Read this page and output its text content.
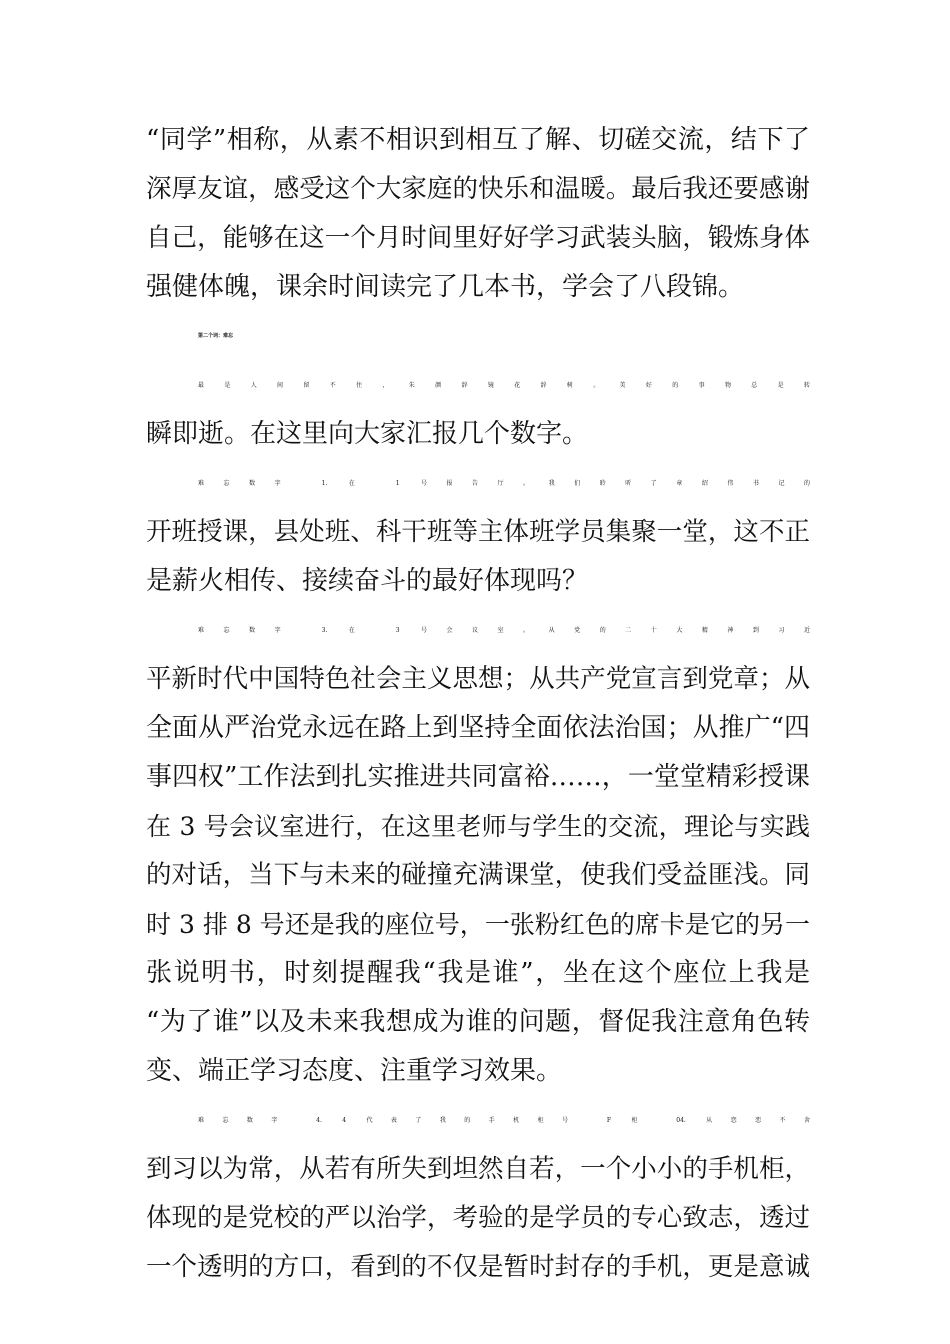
“同学”相称，从素不相识到相互了解、切磋交流，结下了
深厚友谊，感受这个大家庭的快乐和温暖。最后我还要感谢
自己，能够在这一个月时间里好好学习武装头脑，锻炼身体
强健体魄，课余时间读完了几本书，学会了八段锦。
第二个词：难忘
最是人间留不住，朱颜辞镜花辞树。美好的事物总是转
瞬即逝。在这里向大家汇报几个数字。
难忘数字 1. 在 1 号报告厅。我们聆听了章绍伟书记的
开班授课，县处班、科干班等主体班学员集聚一堂，这不正
是薪火相传、接续奋斗的最好体现吗？
难忘数字 3. 在 3 号会议室。从党的二十大精神到习近
平新时代中国特色社会主义思想；从共产党宣言到党章；从
全面从严治党永远在路上到坚持全面依法治国；从推广“四
事四权”工作法到扎实推进共同富裕……，一堂堂精彩授课
在 3 号会议室进行，在这里老师与学生的交流，理论与实践
的对话，当下与未来的碰撞充满课堂，使我们受益匪浅。同
时 3 排 8 号还是我的座位号，一张粉红色的席卡是它的另一
张说明书，时刻提醒我“我是谁”，坐在这个座位上我是
“为了谁”以及未来我想成为谁的问题，督促我注意角色转
变、端正学习态度、注重学习效果。
难忘数字 4. 4 代表了我的手机柜号 F 柜 04. 从恋恋不舍
到习以为常，从若有所失到坦然自若，一个小小的手机柜，
体现的是党校的严以治学，考验的是学员的专心致志，透过
一个透明的方口，看到的不仅是暂时封存的手机，更是意诚
